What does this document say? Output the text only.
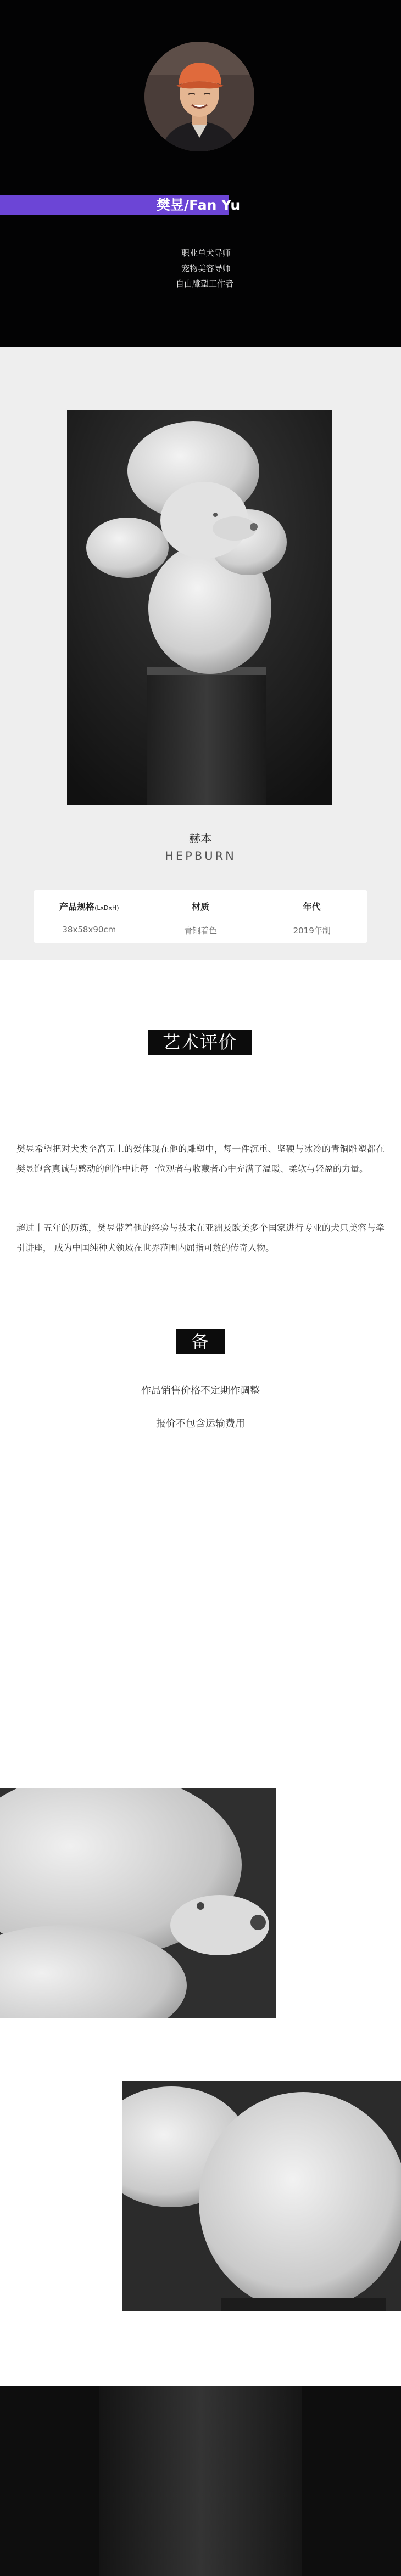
樊昱/Fan Yu
职业单犬导师
宠物美容导师
自由雕塑工作者
赫本
HEPBURN
产品规格(LxDxH)
38x58x90cm
材质
青铜着色
年代
2019年制
艺术评价

樊昱希望把对犬类至高无上的爱体现在他的雕塑中，每一件沉重、坚硬与冰冷的青铜雕塑都在樊昱饱含真诚与感动的创作中让每一位观者与收藏者心中充满了温暖、柔软与轻盈的力量。

超过十五年的历练，樊昱带着他的经验与技术在亚洲及欧美多个国家进行专业的犬只美容与牵引讲座， 成为中国纯种犬领域在世界范围内屈指可数的传奇人物。

备注
作品销售价格不定期作调整
报价不包含运输费用
